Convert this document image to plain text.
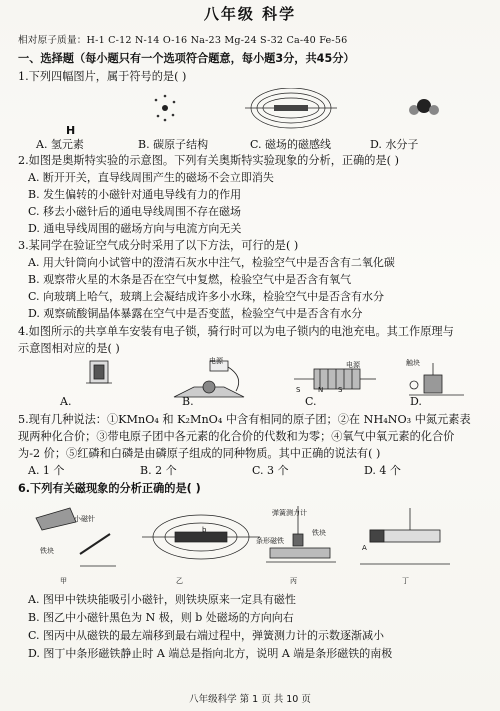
八年级 科学
相对原子质量：H-1 C-12 N-14 O-16 Na-23 Mg-24 S-32 Ca-40 Fe-56
一、选择题（每小题只有一个选项符合题意，每小题3分，共45分）
1.下列四幅图片，属于符号的是( )
H
A. 氢元素	B. 碳原子结构	C. 磁场的磁感线	D. 水分子
2.如图是奥斯特实验的示意图。下列有关奥斯特实验现象的分析，正确的是( )
A. 断开开关，直导线周围产生的磁场不会立即消失
B. 发生偏转的小磁针对通电导线有力的作用
C. 移去小磁针后的通电导线周围不存在磁场
D. 通电导线周围的磁场方向与电流方向无关
3.某同学在验证空气成分时采用了以下方法，可行的是( )
A. 用大针筒向小试管中的澄清石灰水中注气，检验空气中是否含有二氧化碳
B. 观察带火星的木条是否在空气中复燃，检验空气中是否含有氧气
C. 向玻璃上哈气，玻璃上会凝结成许多小水珠，检验空气中是否含有水分
D. 观察硫酸铜晶体暴露在空气中是否变蓝，检验空气中是否含有水分
4.如图所示的共享单车安装有电子锁，骑行时可以为电子锁内的电池充电。其工作原理与
示意图相对应的是( )
电源	电源
S	N S
触块
A.	B.	C.	D.
5.现有几种说法：①KMnO₄ 和 K₂MnO₄ 中含有相同的原子团；②在 NH₄NO₃ 中氮元素表
现两种化合价；③带电原子团中各元素的化合价的代数和为零；④氧气中氧元素的化合价
为-2 价；⑤红磷和白磷是由磷原子组成的同种物质。其中正确的说法有( )
A. 1 个	B. 2 个	C. 3 个	D. 4 个
6.下列有关磁现象的分析正确的是( )
小磁针
铁块
b
弹簧测力计
条形磁铁
铁块
A
甲	乙	丙	丁
A. 图甲中铁块能吸引小磁针，则铁块原来一定具有磁性
B. 图乙中小磁针黑色为 N 极，则 b 处磁场的方向向右
C. 图丙中从磁铁的最左端移到最右端过程中，弹簧测力计的示数逐渐减小
D. 图丁中条形磁铁静止时 A 端总是指向北方，说明 A 端是条形磁铁的南极
八年级科学 第 1 页 共 10 页
